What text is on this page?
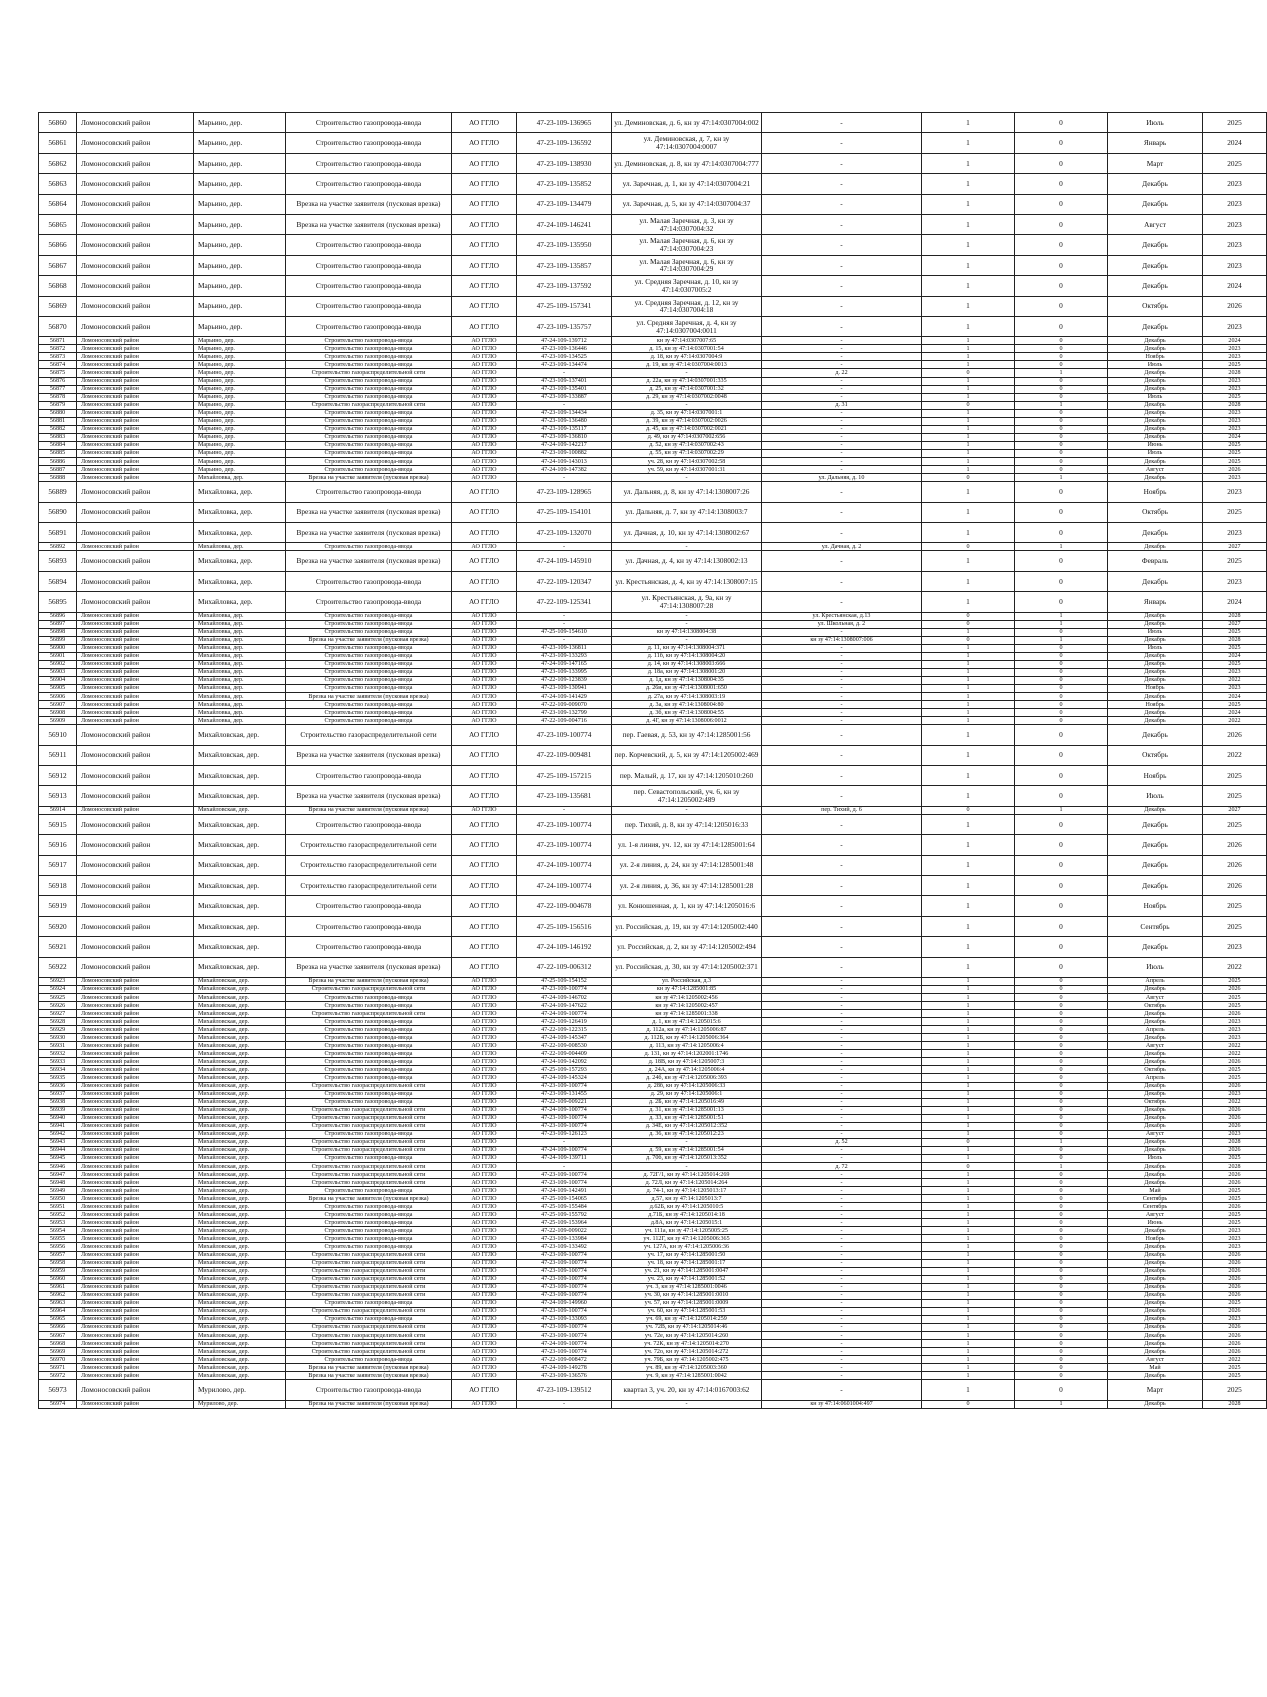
56860	Ломоносовский район	Марьино, дер.	Строительство газопровода-ввода	АО ГГЛО	47-23-109-136965	ул. Деминовская, д. 6, кн зу 47:14:0307004:002	-	1	0	Июль	2025
56861	Ломоносовский район	Марьино, дер.	Строительство газопровода-ввода	АО ГГЛО	47-23-109-136592	ул. Деминовская, д. 7, кн зу 47:14:0307004:0007	-	1	0	Январь	2024
56862	Ломоносовский район	Марьино, дер.	Строительство газопровода-ввода	АО ГГЛО	47-23-109-138930	ул. Деминовская, д. 8, кн зу 47:14:0307004:777	-	1	0	Март	2025
56863	Ломоносовский район	Марьино, дер.	Строительство газопровода-ввода	АО ГГЛО	47-23-109-135852	ул. Заречная, д. 1, кн зу 47:14:0307004:21	-	1	0	Декабрь	2023
56864	Ломоносовский район	Марьино, дер.	Врезка на участке заявителя (пусковая врезка)	АО ГГЛО	47-23-109-134479	ул. Заречная, д. 5, кн зу 47:14:0307004:37	-	1	0	Декабрь	2023
56865	Ломоносовский район	Марьино, дер.	Врезка на участке заявителя (пусковая врезка)	АО ГГЛО	47-24-109-146241	ул. Малая Заречная, д. 3, кн зу 47:14:0307004:32	-	1	0	Август	2023
56866	Ломоносовский район	Марьино, дер.	Строительство газопровода-ввода	АО ГГЛО	47-23-109-135950	ул. Малая Заречная, д. 6, кн зу 47:14:0307004:23	-	1	0	Декабрь	2023
56867	Ломоносовский район	Марьино, дер.	Строительство газопровода-ввода	АО ГГЛО	47-23-109-135857	ул. Малая Заречная, д. 6, кн зу 47:14:0307004:29	-	1	0	Декабрь	2023
56868	Ломоносовский район	Марьино, дер.	Строительство газопровода-ввода	АО ГГЛО	47-23-109-137592	ул. Средняя Заречная, д. 10, кн зу 47:14:0307005:2	-	1	0	Декабрь	2024
56869	Ломоносовский район	Марьино, дер.	Строительство газопровода-ввода	АО ГГЛО	47-25-109-157341	ул. Средняя Заречная, д. 12, кн зу 47:14:0307004:18	-	1	0	Октябрь	2026
56870	Ломоносовский район	Марьино, дер.	Строительство газопровода-ввода	АО ГГЛО	47-23-109-135757	ул. Средняя Заречная, д. 4, кн зу 47:14:0307004:0011	-	1	0	Декабрь	2023
56871	Ломоносовский район	Марьино, дер.	Строительство газопровода-ввода	АО ГГЛО	47-24-109-139712	кн зу 47:14:0307007:65	-	1	0	Декабрь	2024
56872	Ломоносовский район	Марьино, дер.	Строительство газопровода-ввода	АО ГГЛО	47-23-109-136446	д. 15, кн зу 47:14:0307001:54	-	1	0	Декабрь	2023
56873	Ломоносовский район	Марьино, дер.	Строительство газопровода-ввода	АО ГГЛО	47-23-109-134525	д. 18, кн зу 47:14:0307004:9	-	1	0	Ноябрь	2023
56874	Ломоносовский район	Марьино, дер.	Строительство газопровода-ввода	АО ГГЛО	47-23-109-134474	д. 19, кн зу 47:14:0307004:0013	-	1	0	Июль	2025
56875	Ломоносовский район	Марьино, дер.	Строительство газораспределительной сети	АО ГГЛО	-	-	д. 22	0	1	Декабрь	2028
56876	Ломоносовский район	Марьино, дер.	Строительство газопровода-ввода	АО ГГЛО	47-23-109-137401	д. 22а, кн зу 47:14:0307001:335	-	1	0	Декабрь	2023
56877	Ломоносовский район	Марьино, дер.	Строительство газопровода-ввода	АО ГГЛО	47-23-109-135401	д. 25, кн зу 47:14:0307001:32	-	1	0	Декабрь	2023
56878	Ломоносовский район	Марьино, дер.	Строительство газопровода-ввода	АО ГГЛО	47-23-109-133887	д. 29, кн зу 47:14:0307002:0048	-	1	0	Июль	2025
56879	Ломоносовский район	Марьино, дер.	Строительство газораспределительной сети	АО ГГЛО	-	-	д. 31	0	1	Декабрь	2028
56880	Ломоносовский район	Марьино, дер.	Строительство газопровода-ввода	АО ГГЛО	47-23-109-134434	д. 35, кн зу 47:14:0307001:1	-	1	0	Декабрь	2023
56881	Ломоносовский район	Марьино, дер.	Строительство газопровода-ввода	АО ГГЛО	47-23-109-136480	д. 39, кн зу 47:14:0307002:0026	-	1	0	Декабрь	2023
56882	Ломоносовский район	Марьино, дер.	Строительство газопровода-ввода	АО ГГЛО	47-23-109-135117	д. 45, кн зу 47:14:0307002:0021	-	1	0	Декабрь	2023
56883	Ломоносовский район	Марьино, дер.	Строительство газопровода-ввода	АО ГГЛО	47-23-109-136810	д. 49, кн зу 47:14:0307002:656	-	1	0	Декабрь	2024
56884	Ломоносовский район	Марьино, дер.	Строительство газопровода-ввода	АО ГГЛО	47-24-109-142217	д. 52, кн зу 47:14:0307002:43	-	1	0	Июнь	2025
56885	Ломоносовский район	Марьино, дер.	Строительство газопровода-ввода	АО ГГЛО	47-23-109-100882	д. 55, кн зу 47:14:0307002:29	-	1	0	Июль	2025
56886	Ломоносовский район	Марьино, дер.	Строительство газопровода-ввода	АО ГГЛО	47-24-109-143013	уч. 28, кн зу 47:14:0307002:58	-	1	0	Декабрь	2025
56887	Ломоносовский район	Марьино, дер.	Строительство газопровода-ввода	АО ГГЛО	47-24-109-147382	уч. 59, кн зу 47:14:0307001:31	-	1	0	Август	2026
56888	Ломоносовский район	Михайловка, дер.	Врезка на участке заявителя (пусковая врезка)	АО ГГЛО	-	-	ул. Дальняя, д. 10	0	1	Декабрь	2023
56889	Ломоносовский район	Михайловка, дер.	Строительство газопровода-ввода	АО ГГЛО	47-23-109-128965	ул. Дальняя, д. 8, кн зу 47:14:1308007:26	-	1	0	Ноябрь	2023
56890	Ломоносовский район	Михайловка, дер.	Врезка на участке заявителя (пусковая врезка)	АО ГГЛО	47-25-109-154101	ул. Дальняя, д. 7, кн зу 47:14:1308003:7	-	1	0	Октябрь	2025
56891	Ломоносовский район	Михайловка, дер.	Врезка на участке заявителя (пусковая врезка)	АО ГГЛО	47-23-109-132070	ул. Дачная, д. 10, кн зу 47:14:1308002:67	-	1	0	Декабрь	2023
56892	Ломоносовский район	Михайловка, дер.	Строительство газопровода-ввода	АО ГГЛО	-	-	ул. Дачная, д. 2	0	1	Декабрь	2027
56893	Ломоносовский район	Михайловка, дер.	Врезка на участке заявителя (пусковая врезка)	АО ГГЛО	47-24-109-145910	ул. Дачная, д. 4, кн зу 47:14:1308002:13	-	1	0	Февраль	2025
56894	Ломоносовский район	Михайловка, дер.	Строительство газопровода-ввода	АО ГГЛО	47-22-109-120347	ул. Крестьянская, д. 4, кн зу 47:14:1308007:15	-	1	0	Декабрь	2023
56895	Ломоносовский район	Михайловка, дер.	Строительство газопровода-ввода	АО ГГЛО	47-22-109-125341	ул. Крестьянская, д. 9а, кн зу 47:14:1308007:28	-	1	0	Январь	2024
56896	Ломоносовский район	Михайловка, дер.	Строительство газопровода-ввода	АО ГГЛО	-	-	ул. Крестьянская, д.13	0	1	Декабрь	2028
56897	Ломоносовский район	Михайловка, дер.	Строительство газопровода-ввода	АО ГГЛО	-	-	ул. Школьная, д. 2	0	1	Декабрь	2027
56898	Ломоносовский район	Михайловка, дер.	Строительство газопровода-ввода	АО ГГЛО	47-25-109-154610	кн зу 47:14:1308004:38	-	1	0	Июль	2025
56899	Ломоносовский район	Михайловка, дер.	Врезка на участке заявителя (пусковая врезка)	АО ГГЛО	-	-	кн зу 47:14:1308007:006	0	1	Декабрь	2028
56900	Ломоносовский район	Михайловка, дер.	Строительство газопровода-ввода	АО ГГЛО	47-23-109-136811	д. 11, кн зу 47:14:1308004:371	-	1	0	Июль	2025
56901	Ломоносовский район	Михайловка, дер.	Строительство газопровода-ввода	АО ГГЛО	47-23-109-133293	д. 11б, кн зу 47:14:1308004:20	-	1	0	Декабрь	2024
56902	Ломоносовский район	Михайловка, дер.	Строительство газопровода-ввода	АО ГГЛО	47-24-109-147165	д. 14, кн зу 47:14:1308003:666	-	1	0	Декабрь	2025
56903	Ломоносовский район	Михайловка, дер.	Строительство газопровода-ввода	АО ГГЛО	47-23-109-133995	д. 18а, кн зу 47:14:1308001:20	-	1	0	Декабрь	2023
56904	Ломоносовский район	Михайловка, дер.	Строительство газопровода-ввода	АО ГГЛО	47-22-109-123839	д. 1д, кн зу 47:14:1308004:35	-	1	0	Декабрь	2022
56905	Ломоносовский район	Михайловка, дер.	Строительство газопровода-ввода	АО ГГЛО	47-23-109-130941	д. 26и, кн зу 47:14:1308001:650	-	1	0	Ноябрь	2023
56906	Ломоносовский район	Михайловка, дер.	Врезка на участке заявителя (пусковая врезка)	АО ГГЛО	47-24-109-141429	д. 27а, кн зу 47:14:1308003:19	-	1	0	Декабрь	2024
56907	Ломоносовский район	Михайловка, дер.	Строительство газопровода-ввода	АО ГГЛО	47-22-109-009070	д. 3а, кн зу 47:14:1308004:80	-	1	0	Ноябрь	2025
56908	Ломоносовский район	Михайловка, дер.	Строительство газопровода-ввода	АО ГГЛО	47-23-109-132799	д. 3б, кн зу 47:14:1308004:55	-	1	0	Декабрь	2024
56909	Ломоносовский район	Михайловка, дер.	Строительство газопровода-ввода	АО ГГЛО	47-22-109-004716	д. 4Г, кн зу 47:14:1308006:0012	-	1	0	Декабрь	2022
56910	Ломоносовский район	Михайловская, дер.	Строительство газораспределительной сети	АО ГГЛО	47-23-109-100774	пер. Гаевая, д. 53, кн зу 47:14:1285001:56	-	1	0	Декабрь	2026
56911	Ломоносовский район	Михайловская, дер.	Врезка на участке заявителя (пусковая врезка)	АО ГГЛО	47-22-109-009481	пер. Корчевский, д. 5, кн зу 47:14:1205002:469	-	1	0	Октябрь	2022
56912	Ломоносовский район	Михайловская, дер.	Строительство газопровода-ввода	АО ГГЛО	47-25-109-157215	пер. Малый, д. 17, кн зу 47:14:1205010:260	-	1	0	Ноябрь	2025
56913	Ломоносовский район	Михайловская, дер.	Врезка на участке заявителя (пусковая врезка)	АО ГГЛО	47-23-109-135681	пер. Севастопольский, уч. 6, кн зу 47:14:1205002:489	-	1	0	Июль	2025
56914	Ломоносовский район	Михайловская, дер.	Врезка на участке заявителя (пусковая врезка)	АО ГГЛО	-	-	пер. Тихий, д. 6	0	1	Декабрь	2027
56915	Ломоносовский район	Михайловская, дер.	Строительство газопровода-ввода	АО ГГЛО	47-23-109-100774	пер. Тихий, д. 8, кн зу 47:14:1205016:33	-	1	0	Декабрь	2025
56916	Ломоносовский район	Михайловская, дер.	Строительство газораспределительной сети	АО ГГЛО	47-23-109-100774	ул. 1-я линия, уч. 12, кн зу 47:14:1285001:64	-	1	0	Декабрь	2026
56917	Ломоносовский район	Михайловская, дер.	Строительство газораспределительной сети	АО ГГЛО	47-24-109-100774	ул. 2-я линия, д. 24, кн зу 47:14:1285001:48	-	1	0	Декабрь	2026
56918	Ломоносовский район	Михайловская, дер.	Строительство газораспределительной сети	АО ГГЛО	47-24-109-100774	ул. 2-я линия, д. 36, кн зу 47:14:1285001:28	-	1	0	Декабрь	2026
56919	Ломоносовский район	Михайловская, дер.	Строительство газопровода-ввода	АО ГГЛО	47-22-109-004678	ул. Конюшенная, д. 1, кн зу 47:14:1205016:6	-	1	0	Ноябрь	2025
56920	Ломоносовский район	Михайловская, дер.	Строительство газопровода-ввода	АО ГГЛО	47-25-109-156516	ул. Российская, д. 19, кн зу 47:14:1205002:440	-	1	0	Сентябрь	2025
56921	Ломоносовский район	Михайловская, дер.	Строительство газопровода-ввода	АО ГГЛО	47-24-109-146192	ул. Российская, д. 2, кн зу 47:14:1205002:494	-	1	0	Декабрь	2023
56922	Ломоносовский район	Михайловская, дер.	Врезка на участке заявителя (пусковая врезка)	АО ГГЛО	47-22-109-006312	ул. Российская, д. 30, кн зу 47:14:1205002:371	-	1	0	Июль	2022
56923	Ломоносовский район	Михайловская, дер.	Врезка на участке заявителя (пусковая врезка)	АО ГГЛО	47-25-109-154152	ул. Российская, д.3	-	1	0	Апрель	2025
56924	Ломоносовский район	Михайловская, дер.	Строительство газораспределительной сети	АО ГГЛО	47-23-109-100774	кн зу 47:14:1285001:85	-	1	0	Декабрь	2026
56925	Ломоносовский район	Михайловская, дер.	Строительство газопровода-ввода	АО ГГЛО	47-24-109-146702	кн зу 47:14:1205002:456	-	1	0	Август	2025
56926	Ломоносовский район	Михайловская, дер.	Строительство газопровода-ввода	АО ГГЛО	47-24-109-147622	кн зу 47:14:1205002:457	-	1	0	Октябрь	2025
56927	Ломоносовский район	Михайловская, дер.	Строительство газораспределительной сети	АО ГГЛО	47-24-109-100774	кн зу 47:14:1285001:338	-	1	0	Декабрь	2026
56928	Ломоносовский район	Михайловская, дер.	Строительство газопровода-ввода	АО ГГЛО	47-22-109-126419	д. 1, кн зу 47:14:1205015:6	-	1	0	Декабрь	2023
56929	Ломоносовский район	Михайловская, дер.	Строительство газопровода-ввода	АО ГГЛО	47-22-109-122315	д. 112а, кн зу 47:14:1205006:87	-	1	0	Апрель	2023
56930	Ломоносовский район	Михайловская, дер.	Строительство газопровода-ввода	АО ГГЛО	47-24-109-145347	д. 112Б, кн зу 47:14:1205006:364	-	1	0	Декабрь	2023
56931	Ломоносовский район	Михайловская, дер.	Строительство газопровода-ввода	АО ГГЛО	47-22-109-008530	д. 113, кн зу 47:14:1205006:4	-	1	0	Август	2022
56932	Ломоносовский район	Михайловская, дер.	Строительство газопровода-ввода	АО ГГЛО	47-22-109-004409	д. 131, кн зу 47:14:1202001:1746	-	1	0	Декабрь	2022
56933	Ломоносовский район	Михайловская, дер.	Строительство газопровода-ввода	АО ГГЛО	47-24-109-142092	д. 18В, кн зу 47:14:1205007:3	-	1	0	Декабрь	2026
56934	Ломоносовский район	Михайловская, дер.	Строительство газопровода-ввода	АО ГГЛО	47-25-109-157293	д. 24А, кн зу 47:14:1205006:4	-	1	0	Октябрь	2025
56935	Ломоносовский район	Михайловская, дер.	Строительство газопровода-ввода	АО ГГЛО	47-24-109-145324	д. 24б, кн зу 47:14:1205006:393	-	1	0	Апрель	2025
56936	Ломоносовский район	Михайловская, дер.	Строительство газораспределительной сети	АО ГГЛО	47-23-109-100774	д. 28б, кн зу 47:14:1205006:33	-	1	0	Декабрь	2026
56937	Ломоносовский район	Михайловская, дер.	Строительство газопровода-ввода	АО ГГЛО	47-23-109-131455	д. 29, кн зу 47:14:1205006:1	-	1	0	Декабрь	2023
56938	Ломоносовский район	Михайловская, дер.	Строительство газопровода-ввода	АО ГГЛО	47-22-109-009221	д. 2Б, кн зу 47:14:1205016:49	-	1	0	Октябрь	2022
56939	Ломоносовский район	Михайловская, дер.	Строительство газораспределительной сети	АО ГГЛО	47-24-109-100774	д. 31, кн зу 47:14:1285001:13	-	1	0	Декабрь	2026
56940	Ломоносовский район	Михайловская, дер.	Строительство газораспределительной сети	АО ГГЛО	47-23-109-100774	д. 33, кн зу 47:14:1285001:51	-	1	0	Декабрь	2026
56941	Ломоносовский район	Михайловская, дер.	Строительство газораспределительной сети	АО ГГЛО	47-23-109-100774	д. 34Е, кн зу 47:14:1205012:352	-	1	0	Декабрь	2026
56942	Ломоносовский район	Михайловская, дер.	Строительство газопровода-ввода	АО ГГЛО	47-23-109-126123	д. 36, кн зу 47:14:1205012:23	-	1	0	Август	2023
56943	Ломоносовский район	Михайловская, дер.	Строительство газораспределительной сети	АО ГГЛО	-	-	д. 52	0	1	Декабрь	2028
56944	Ломоносовский район	Михайловская, дер.	Строительство газораспределительной сети	АО ГГЛО	47-24-109-100774	д. 59, кн зу 47:14:1285001:54	-	1	0	Декабрь	2026
56945	Ломоносовский район	Михайловская, дер.	Строительство газопровода-ввода	АО ГГЛО	47-24-109-139711	д. 70б, кн зу 47:14:1205013:352	-	1	0	Июль	2025
56946	Ломоносовский район	Михайловская, дер.	Строительство газораспределительной сети	АО ГГЛО	-	-	д. 72	0	1	Декабрь	2028
56947	Ломоносовский район	Михайловская, дер.	Строительство газораспределительной сети	АО ГГЛО	47-23-109-100774	д. 72Г/1, кн зу 47:14:1205014:269	-	1	0	Декабрь	2026
56948	Ломоносовский район	Михайловская, дер.	Строительство газораспределительной сети	АО ГГЛО	47-23-109-100774	д. 72Л, кн зу 47:14:1205014:264	-	1	0	Декабрь	2026
56949	Ломоносовский район	Михайловская, дер.	Строительство газопровода-ввода	АО ГГЛО	47-24-109-142491	д. 74-1, кн зу 47:14:1205013:17	-	1	0	Май	2025
56950	Ломоносовский район	Михайловская, дер.	Врезка на участке заявителя (пусковая врезка)	АО ГГЛО	47-25-109-154065	д.57, кн зу 47:14:1205013:7	-	1	0	Сентябрь	2025
56951	Ломоносовский район	Михайловская, дер.	Строительство газопровода-ввода	АО ГГЛО	47-25-109-155484	д.62Б, кн зу 47:14:1205010:5	-	1	0	Сентябрь	2026
56952	Ломоносовский район	Михайловская, дер.	Строительство газопровода-ввода	АО ГГЛО	47-25-109-155792	д.71Б, кн зу 47:14:1205014:18	-	1	0	Август	2025
56953	Ломоносовский район	Михайловская, дер.	Строительство газопровода-ввода	АО ГГЛО	47-25-109-153964	д.8А, кн зу 47:14:1205015:1	-	1	0	Июнь	2025
56954	Ломоносовский район	Михайловская, дер.	Строительство газопровода-ввода	АО ГГЛО	47-22-109-009022	уч. 111а, кн зу 47:14:1205005:25	-	1	0	Декабрь	2023
56955	Ломоносовский район	Михайловская, дер.	Строительство газопровода-ввода	АО ГГЛО	47-23-109-133984	уч. 112Г, кн зу 47:14:1205006:365	-	1	0	Ноябрь	2023
56956	Ломоносовский район	Михайловская, дер.	Строительство газопровода-ввода	АО ГГЛО	47-23-109-133492	уч. 127А, кн зу 47:14:1205006:36	-	1	0	Декабрь	2023
56957	Ломоносовский район	Михайловская, дер.	Строительство газораспределительной сети	АО ГГЛО	47-23-109-100774	уч. 17, кн зу 47:14:1285001:50	-	1	0	Декабрь	2026
56958	Ломоносовский район	Михайловская, дер.	Строительство газораспределительной сети	АО ГГЛО	47-23-109-100774	уч. 18, кн зу 47:14:1285001:17	-	1	0	Декабрь	2026
56959	Ломоносовский район	Михайловская, дер.	Строительство газораспределительной сети	АО ГГЛО	47-23-109-100774	уч. 21, кн зу 47:14:1285001:0047	-	1	0	Декабрь	2026
56960	Ломоносовский район	Михайловская, дер.	Строительство газораспределительной сети	АО ГГЛО	47-23-109-100774	уч. 23, кн зу 47:14:1285001:52	-	1	0	Декабрь	2026
56961	Ломоносовский район	Михайловская, дер.	Строительство газораспределительной сети	АО ГГЛО	47-23-109-100774	уч. 3, кн зу 47:14:1285001:0046	-	1	0	Декабрь	2026
56962	Ломоносовский район	Михайловская, дер.	Строительство газораспределительной сети	АО ГГЛО	47-23-109-100774	уч. 30, кн зу 47:14:1285001:0010	-	1	0	Декабрь	2026
56963	Ломоносовский район	Михайловская, дер.	Строительство газопровода-ввода	АО ГГЛО	47-24-109-149960	уч. 57, кн зу 47:14:1285001:0009	-	1	0	Декабрь	2025
56964	Ломоносовский район	Михайловская, дер.	Строительство газораспределительной сети	АО ГГЛО	47-23-109-100774	уч. 60, кн зу 47:14:1285001:53	-	1	0	Декабрь	2026
56965	Ломоносовский район	Михайловская, дер.	Строительство газопровода-ввода	АО ГГЛО	47-23-109-133093	уч. 69, кн зу 47:14:1205014:259	-	1	0	Декабрь	2023
56966	Ломоносовский район	Михайловская, дер.	Строительство газораспределительной сети	АО ГГЛО	47-23-109-100774	уч. 72В, кн зу 47:14:1205014:46	-	1	0	Декабрь	2026
56967	Ломоносовский район	Михайловская, дер.	Строительство газораспределительной сети	АО ГГЛО	47-23-109-100774	уч. 72е, кн зу 47:14:1205014:260	-	1	0	Декабрь	2026
56968	Ломоносовский район	Михайловская, дер.	Строительство газораспределительной сети	АО ГГЛО	47-24-109-100774	уч. 72К, кн зу 47:14:1205014:270	-	1	0	Декабрь	2026
56969	Ломоносовский район	Михайловская, дер.	Строительство газораспределительной сети	АО ГГЛО	47-23-109-100774	уч. 72о, кн зу 47:14:1205014:272	-	1	0	Декабрь	2026
56970	Ломоносовский район	Михайловская, дер.	Строительство газопровода-ввода	АО ГГЛО	47-22-109-008472	уч. 79Б, кн зу 47:14:1205002:475	-	1	0	Август	2022
56971	Ломоносовский район	Михайловская, дер.	Врезка на участке заявителя (пусковая врезка)	АО ГГЛО	47-24-109-149278	уч. 89, кн зу 47:14:1205003:360	-	1	0	Май	2025
56972	Ломоносовский район	Михайловская, дер.	Врезка на участке заявителя (пусковая врезка)	АО ГГЛО	47-23-109-136576	уч. 9, кн зу 47:14:1285001:0042	-	1	0	Декабрь	2025
56973	Ломоносовский район	Мурилово, дер.	Строительство газопровода-ввода	АО ГГЛО	47-23-109-139512	квартал 3, уч. 20, кн зу 47:14:0167003:62	-	1	0	Март	2025
56974	Ломоносовский район	Мурилово, дер.	Врезка на участке заявителя (пусковая врезка)	АО ГГЛО	-	-	кн зу 47:14:0601004:497	0	1	Декабрь	2028
